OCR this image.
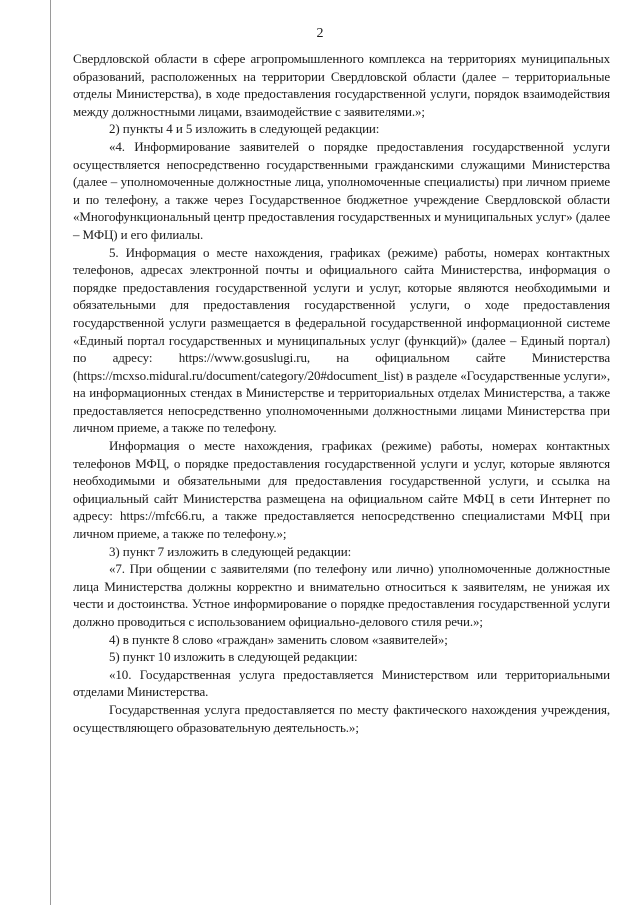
2

Свердловской области в сфере агропромышленного комплекса на территориях муниципальных образований, расположенных на территории Свердловской области (далее – территориальные отделы Министерства), в ходе предоставления государственной услуги, порядок взаимодействия между должностными лицами, взаимодействие с заявителями.»;

2) пункты 4 и 5 изложить в следующей редакции:

«4. Информирование заявителей о порядке предоставления государственной услуги осуществляется непосредственно государственными гражданскими служащими Министерства (далее – уполномоченные должностные лица, уполномоченные специалисты) при личном приеме и по телефону, а также через Государственное бюджетное учреждение Свердловской области «Многофункциональный центр предоставления государственных и муниципальных услуг» (далее – МФЦ) и его филиалы.

5. Информация о месте нахождения, графиках (режиме) работы, номерах контактных телефонов, адресах электронной почты и официального сайта Министерства, информация о порядке предоставления государственной услуги и услуг, которые являются необходимыми и обязательными для предоставления государственной услуги, о ходе предоставления государственной услуги размещается в федеральной государственной информационной системе «Единый портал государственных и муниципальных услуг (функций)» (далее – Единый портал) по адресу: https://www.gosuslugi.ru, на официальном сайте Министерства (https://mcxso.midural.ru/document/category/20#document_list) в разделе «Государственные услуги», на информационных стендах в Министерстве и территориальных отделах Министерства, а также предоставляется непосредственно уполномоченными должностными лицами Министерства при личном приеме, а также по телефону.

Информация о месте нахождения, графиках (режиме) работы, номерах контактных телефонов МФЦ, о порядке предоставления государственной услуги и услуг, которые являются необходимыми и обязательными для предоставления государственной услуги, и ссылка на официальный сайт Министерства размещена на официальном сайте МФЦ в сети Интернет по адресу: https://mfc66.ru, а также предоставляется непосредственно специалистами МФЦ при личном приеме, а также по телефону.»;

3) пункт 7 изложить в следующей редакции:

«7. При общении с заявителями (по телефону или лично) уполномоченные должностные лица Министерства должны корректно и внимательно относиться к заявителям, не унижая их чести и достоинства. Устное информирование о порядке предоставления государственной услуги должно проводиться с использованием официально-делового стиля речи.»;

4) в пункте 8 слово «граждан» заменить словом «заявителей»;

5) пункт 10 изложить в следующей редакции:

«10. Государственная услуга предоставляется Министерством или территориальными отделами Министерства.

Государственная услуга предоставляется по месту фактического нахождения учреждения, осуществляющего образовательную деятельность.»;
